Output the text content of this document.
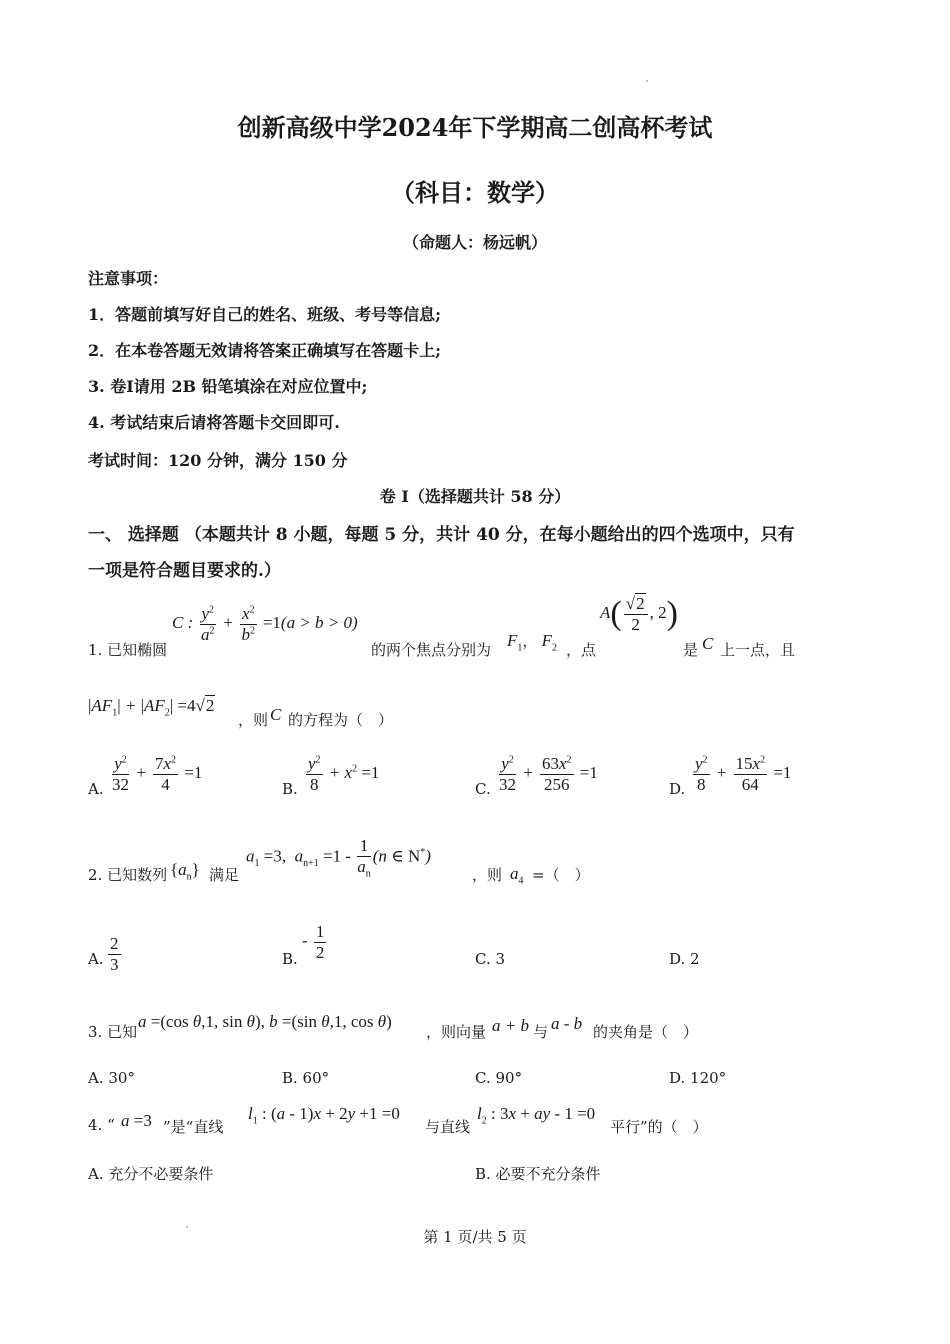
创新高级中学2024年下学期高二创高杯考试
（科目：数学）
（命题人：杨远帆）
注意事项：
1．答题前填写好自己的姓名、班级、考号等信息;
2．在本卷答题无效请将答案正确填写在答题卡上;
3. 卷Ⅰ请用 2B 铅笔填涂在对应位置中;
4. 考试结束后请将答题卡交回即可.
考试时间：120 分钟，满分 150 分
卷 I（选择题共计 58 分）
一、 选择题 （本题共计 8 小题，每题 5 分，共计 40 分，在每小题给出的四个选项中，只有
一项是符合题目要求的.）
1. 已知椭圆
C : $\frac{y^2}{a^2} + \frac{x^2}{b^2} =1(a > b > 0)$
的两个焦点分别为 $F_1$， $F_2$ ，点
$A( \frac{√2}{2}$ , 2)
是 C 上一点，且
$|AF_1| + |AF_2| =4√2$
，则 C 的方程为（　）
A. $\frac{y^2}{32} + \frac{7x^2}{4} =1$
B. $\frac{y^2}{8} + x^2 =1$
C. $\frac{y^2}{32} + \frac{63x^2}{256} =1$
D. $\frac{y^2}{8} + \frac{15x^2}{64} =1$
2. 已知数列 $\{a_n\}$ 满足
$a_1 =3$,  $a_{n+1} =1 - \frac{1}{a_n} (n$ ∈ N*)
，则 $a_4$ =（　）
A. $\frac{2}{3}$	B.
- $\frac{1}{2}$	C. 3	D. 2
3. 已知
a =(cos θ,1, sin θ), b =(sin θ,1, cos θ)
，则向量 a + b 与 a - b 的夹角是（　）
A. 30°	B. 60°	C. 90°	D. 120°
4. “ a =3 ”是“直线
$l_1$ : (a - 1)x + 2y +1 =0
与直线
$l_2$ : 3x + ay - 1 =0
平行”的（　）
A. 充分不必要条件	B. 必要不充分条件
第 1 页/共 5 页
